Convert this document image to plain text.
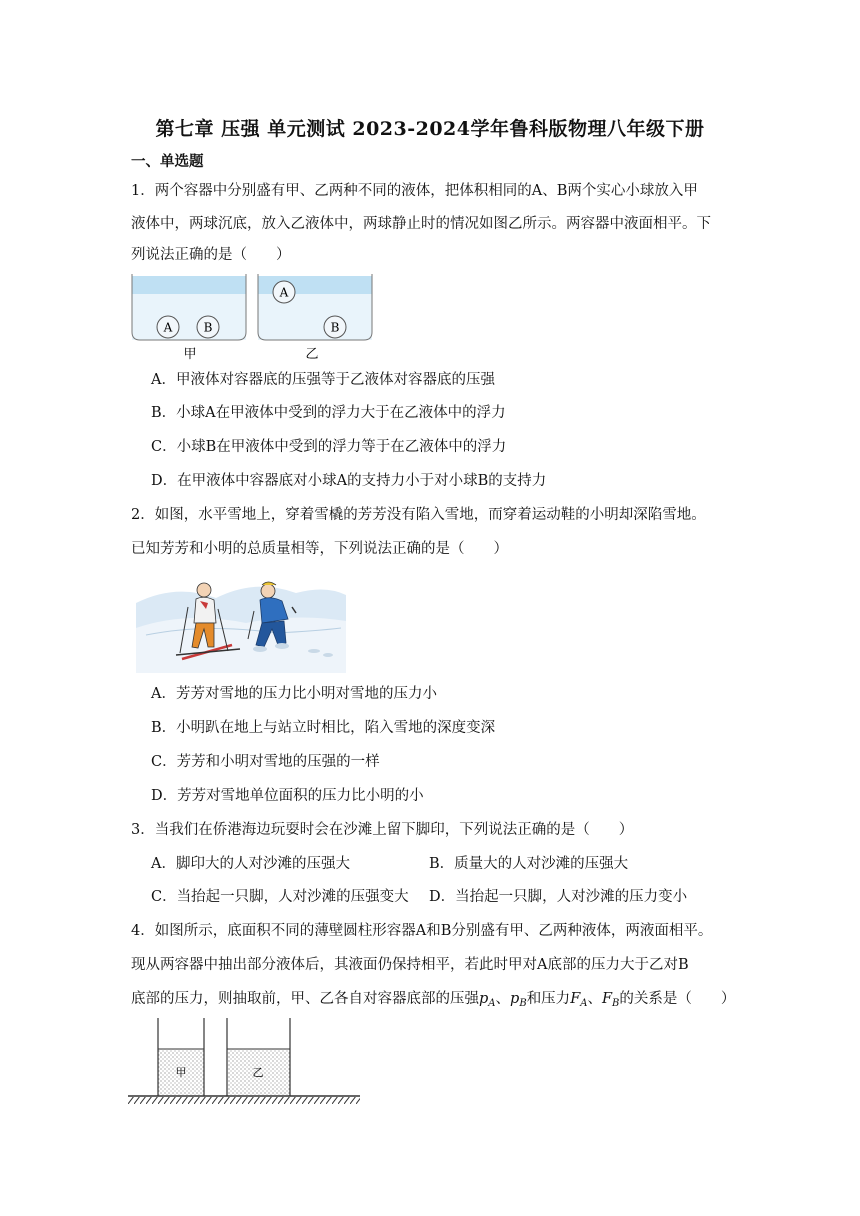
第七章 压强 单元测试 2023-2024学年鲁科版物理八年级下册
一、单选题
1．两个容器中分别盛有甲、乙两种不同的液体，把体积相同的A、B两个实心小球放入甲
液体中，两球沉底，放入乙液体中，两球静止时的情况如图乙所示。两容器中液面相平。下
列说法正确的是（　　）
A	B
A
B
甲	乙
A．甲液体对容器底的压强等于乙液体对容器底的压强
B．小球A在甲液体中受到的浮力大于在乙液体中的浮力
C．小球B在甲液体中受到的浮力等于在乙液体中的浮力
D．在甲液体中容器底对小球A的支持力小于对小球B的支持力
2．如图，水平雪地上，穿着雪橇的芳芳没有陷入雪地，而穿着运动鞋的小明却深陷雪地。
已知芳芳和小明的总质量相等，下列说法正确的是（　　）
A．芳芳对雪地的压力比小明对雪地的压力小
B．小明趴在地上与站立时相比，陷入雪地的深度变深
C．芳芳和小明对雪地的压强的一样
D．芳芳对雪地单位面积的压力比小明的小
3．当我们在侨港海边玩耍时会在沙滩上留下脚印，下列说法正确的是（　　）
A．脚印大的人对沙滩的压强大	B．质量大的人对沙滩的压强大
C．当抬起一只脚，人对沙滩的压强变大 D．当抬起一只脚，人对沙滩的压力变小
4．如图所示，底面积不同的薄壁圆柱形容器A和B分别盛有甲、乙两种液体，两液面相平。
现从两容器中抽出部分液体后，其液面仍保持相平，若此时甲对A底部的压力大于乙对B
底部的压力，则抽取前，甲、乙各自对容器底部的压强$p_A$、$p_B$和压力$F_A$、$F_B$的关系是（　　）
甲	乙
